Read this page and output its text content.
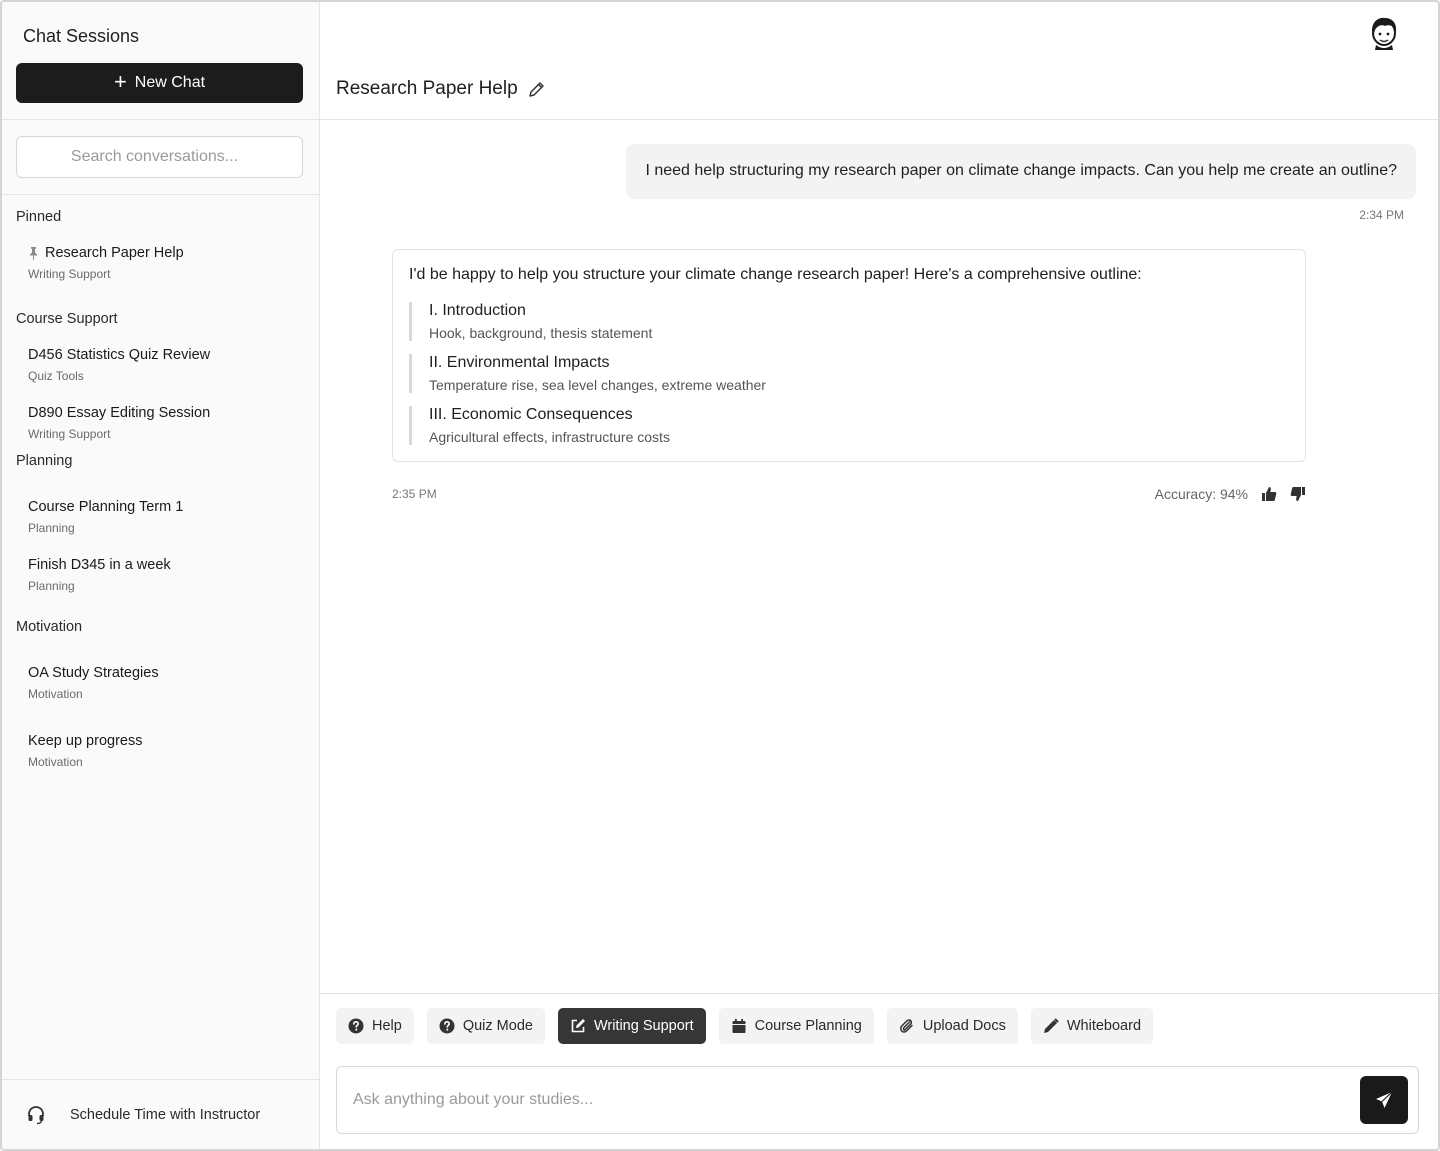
Chat Sessions
+ New Chat
Search conversations...
Pinned
Research Paper Help
Writing Support
Course Support
D456 Statistics Quiz Review
Quiz Tools
D890 Essay Editing Session
Writing Support
Planning
Course Planning Term 1
Planning
Finish D345 in a week
Planning
Motivation
OA Study Strategies
Motivation
Keep up progress
Motivation
Schedule Time with Instructor
Research Paper Help
I need help structuring my research paper on climate change impacts. Can you help me create an outline?
2:34 PM
I'd be happy to help you structure your climate change research paper! Here's a comprehensive outline:
I. Introduction
Hook, background, thesis statement
II. Environmental Impacts
Temperature rise, sea level changes, extreme weather
III. Economic Consequences
Agricultural effects, infrastructure costs
2:35 PM	Accuracy: 94%
Help	Quiz Mode	Writing Support	Course Planning	Upload Docs	Whiteboard
Ask anything about your studies...
